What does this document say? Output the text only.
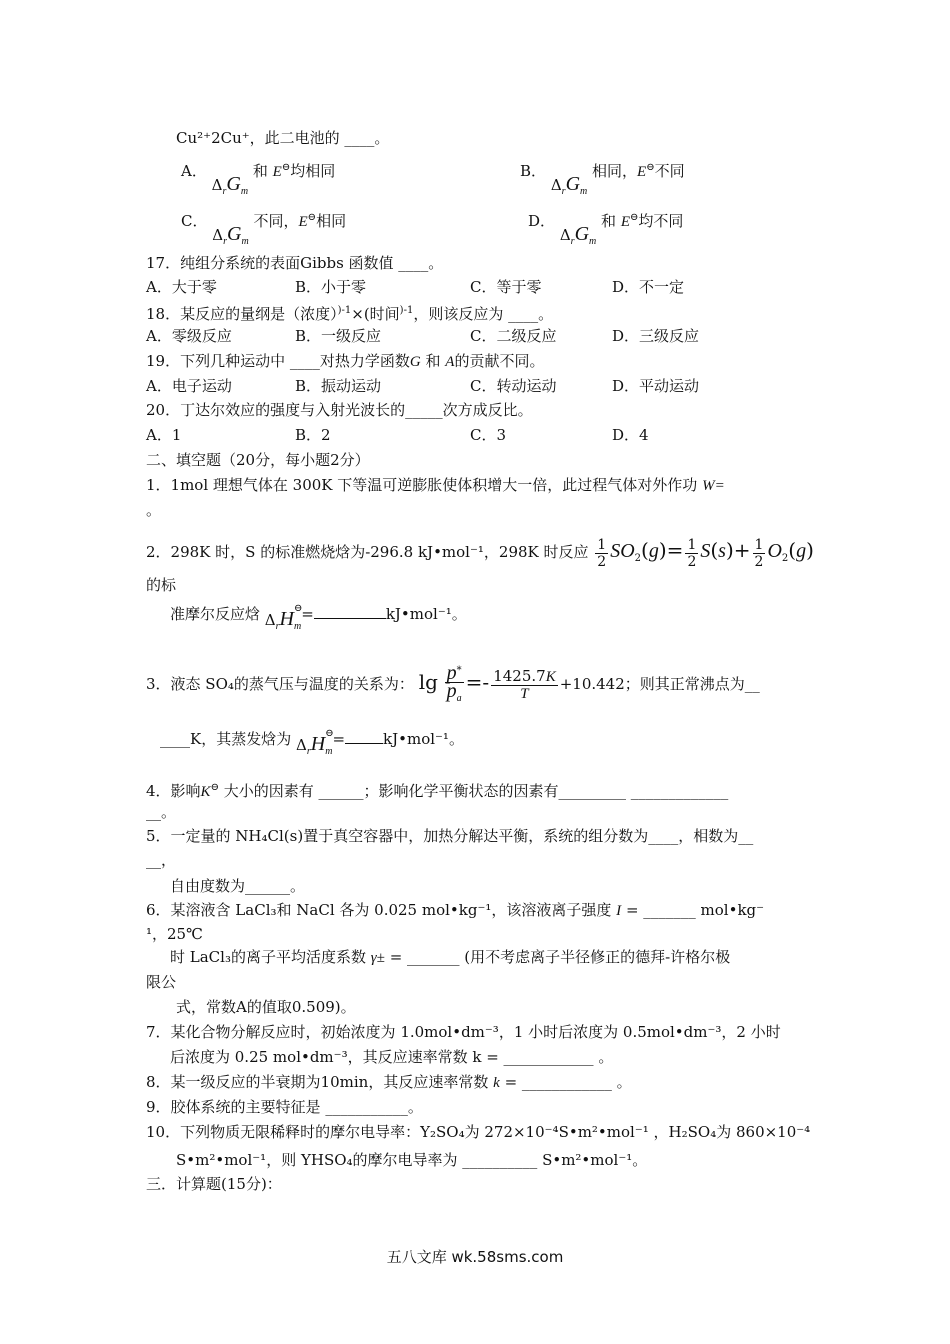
Cu²⁺2Cu⁺，此二电池的 ____。
A． $\Delta_rG_m$ 和 E⊖均相同	B． $\Delta_rG_m$ 相同，E⊖不同
C． $\Delta_rG_m$ 不同，E⊖相同	D． $\Delta_rG_m$ 和 E⊖均不同
17．纯组分系统的表面Gibbs 函数值 ____。
A．大于零	B．小于零	C．等于零	D．不一定
18．某反应的量纲是（浓度）$^{)-1}$×(时间$^{)-1}$，则该反应为 ____。
A．零级反应	B．一级反应	C．二级反应	D．三级反应
19．下列几种运动中 ____对热力学函数G 和 A的贡献不同。
A．电子运动	B．振动运动	C．转动运动	D．平动运动
20．丁达尔效应的强度与入射光波长的_____次方成反比。
A．1	B．2	C．3	D．4
二、填空题（20分，每小题2分）
1．1mol 理想气体在 300K 下等温可逆膨胀使体积增大一倍，此过程气体对外作功 W=
。
2．298K 时，S 的标准燃烧焓为-296.8 kJ•mol⁻¹，298K 时反应 $\frac{1}{2} SO_2(g)= \frac{1}{2} S(s)+ \frac{1}{2} O_2(g)$
的标
准摩尔反应焓 $\Delta_rH_m$
⊖
=	kJ•mol⁻¹。
3．液态 SO₄的蒸气压与温度的关系为： $\lg \frac{p^*}{p_a} =- \frac{1425.7K}{T} +10.442$；则其正常沸点为__
____K，其蒸发焓为 $\Delta_rH_m$
⊖
=	kJ•mol⁻¹。
4．影响K⊖ 大小的因素有 ______；影响化学平衡状态的因素有_________ _____________
__。
5．一定量的 NH₄Cl(s)置于真空容器中，加热分解达平衡，系统的组分数为____，相数为__
__，
自由度数为______。
6．某溶液含 LaCl₃和 NaCl 各为 0.025 mol•kg⁻¹，该溶液离子强度 I = _______ mol•kg⁻
¹，25℃
时 LaCl₃的离子平均活度系数 γ± = _______ (用不考虑离子半径修正的德拜-许格尔极
限公
式，常数A的值取0.509)。
7．某化合物分解反应时，初始浓度为 1.0mol•dm⁻³，1 小时后浓度为 0.5mol•dm⁻³，2 小时
后浓度为 0.25 mol•dm⁻³，其反应速率常数 k = ____________ 。
8．某一级反应的半衰期为10min，其反应速率常数 k = ____________ 。
9．胶体系统的主要特征是 ___________。
10．下列物质无限稀释时的摩尔电导率：Y₂SO₄为 272×10⁻⁴S•m²•mol⁻¹ ，H₂SO₄为 860×10⁻⁴
S•m²•mol⁻¹，则 YHSO₄的摩尔电导率为 __________ S•m²•mol⁻¹。
三．计算题(15分)：
五八文库 wk.58sms.com
